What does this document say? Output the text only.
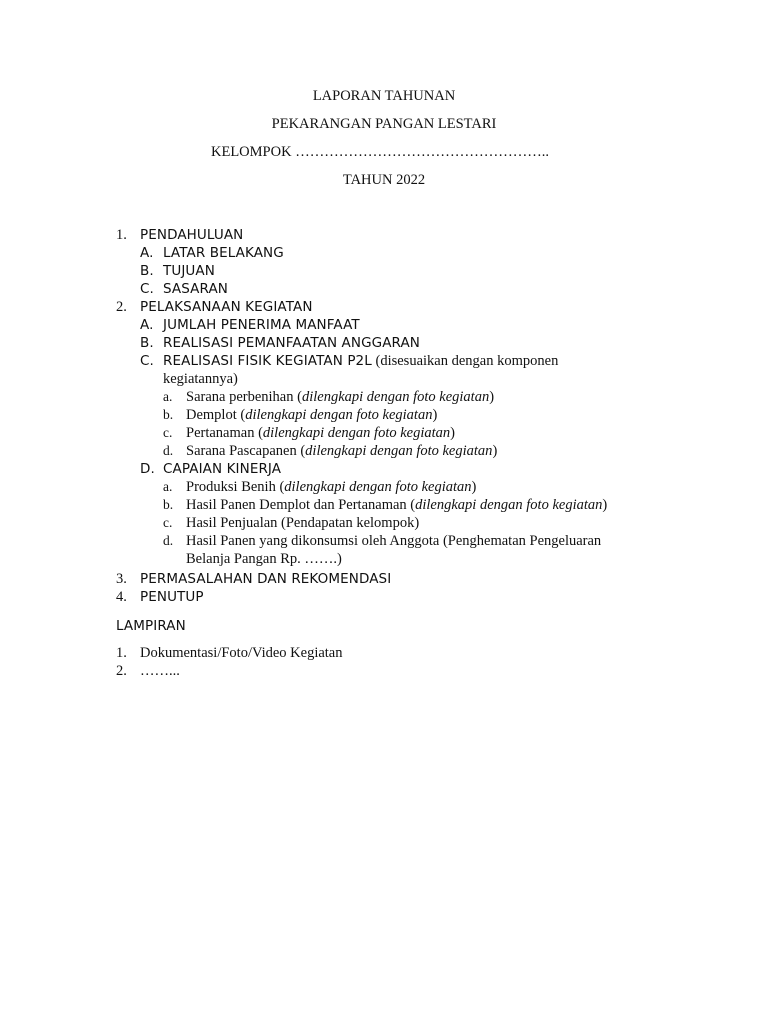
LAPORAN TAHUNAN
PEKARANGAN PANGAN LESTARI
KELOMPOK ……………………………………………..
TAHUN 2022
1. PENDAHULUAN
A. LATAR BELAKANG
B. TUJUAN
C. SASARAN
2. PELAKSANAAN KEGIATAN
A. JUMLAH PENERIMA MANFAAT
B. REALISASI PEMANFAATAN ANGGARAN
C. REALISASI FISIK KEGIATAN P2L (disesuaikan dengan komponen
kegiatannya)
a. Sarana perbenihan (dilengkapi dengan foto kegiatan)
b. Demplot (dilengkapi dengan foto kegiatan)
c. Pertanaman (dilengkapi dengan foto kegiatan)
d. Sarana Pascapanen (dilengkapi dengan foto kegiatan)
D. CAPAIAN KINERJA
a. Produksi Benih (dilengkapi dengan foto kegiatan)
b. Hasil Panen Demplot dan Pertanaman (dilengkapi dengan foto kegiatan)
c. Hasil Penjualan (Pendapatan kelompok)
d. Hasil Panen yang dikonsumsi oleh Anggota (Penghematan Pengeluaran
Belanja Pangan Rp. …….)
3. PERMASALAHAN DAN REKOMENDASI
4. PENUTUP
LAMPIRAN
1. Dokumentasi/Foto/Video Kegiatan
2. ……...
